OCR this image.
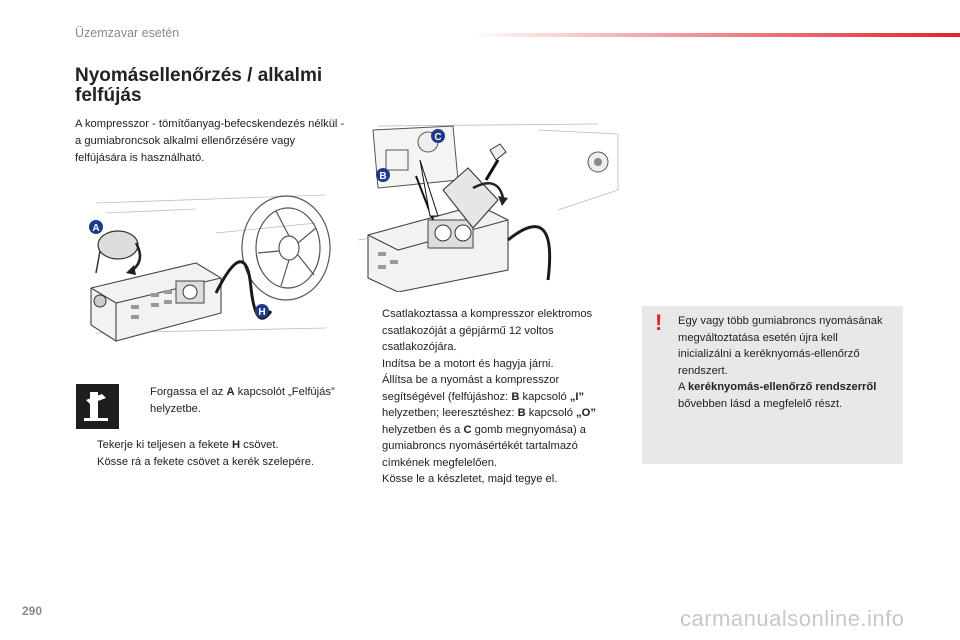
Üzemzavar esetén
Nyomásellenőrzés / alkalmi felfújás
A kompresszor - tömítőanyag-befecskendezés nélkül - a gumiabroncsok alkalmi ellenőrzésére vagy felfújására is használható.
A
H
B
C
Forgassa el az A kapcsolót „Felfújás” helyzetbe.
Tekerje ki teljesen a fekete H csövet.
Kösse rá a fekete csövet a kerék szelepére.
Csatlakoztassa a kompresszor elektromos csatlakozóját a gépjármű 12 voltos csatlakozójára.
Indítsa be a motort és hagyja járni.
Állítsa be a nyomást a kompresszor segítségével (felfújáshoz: B kapcsoló „I” helyzetben; leeresztéshez: B kapcsoló „O” helyzetben és a C gomb megnyomása) a gumiabroncs nyomásértékét tartalmazó címkének megfelelően.
Kösse le a készletet, majd tegye el.
! Egy vagy több gumiabroncs nyomásának megváltoztatása esetén újra kell inicializálni a keréknyomás-ellenőrző rendszert.
A keréknyomás-ellenőrző rendszerről bővebben lásd a megfelelő részt.
290	carmanualsonline.info
